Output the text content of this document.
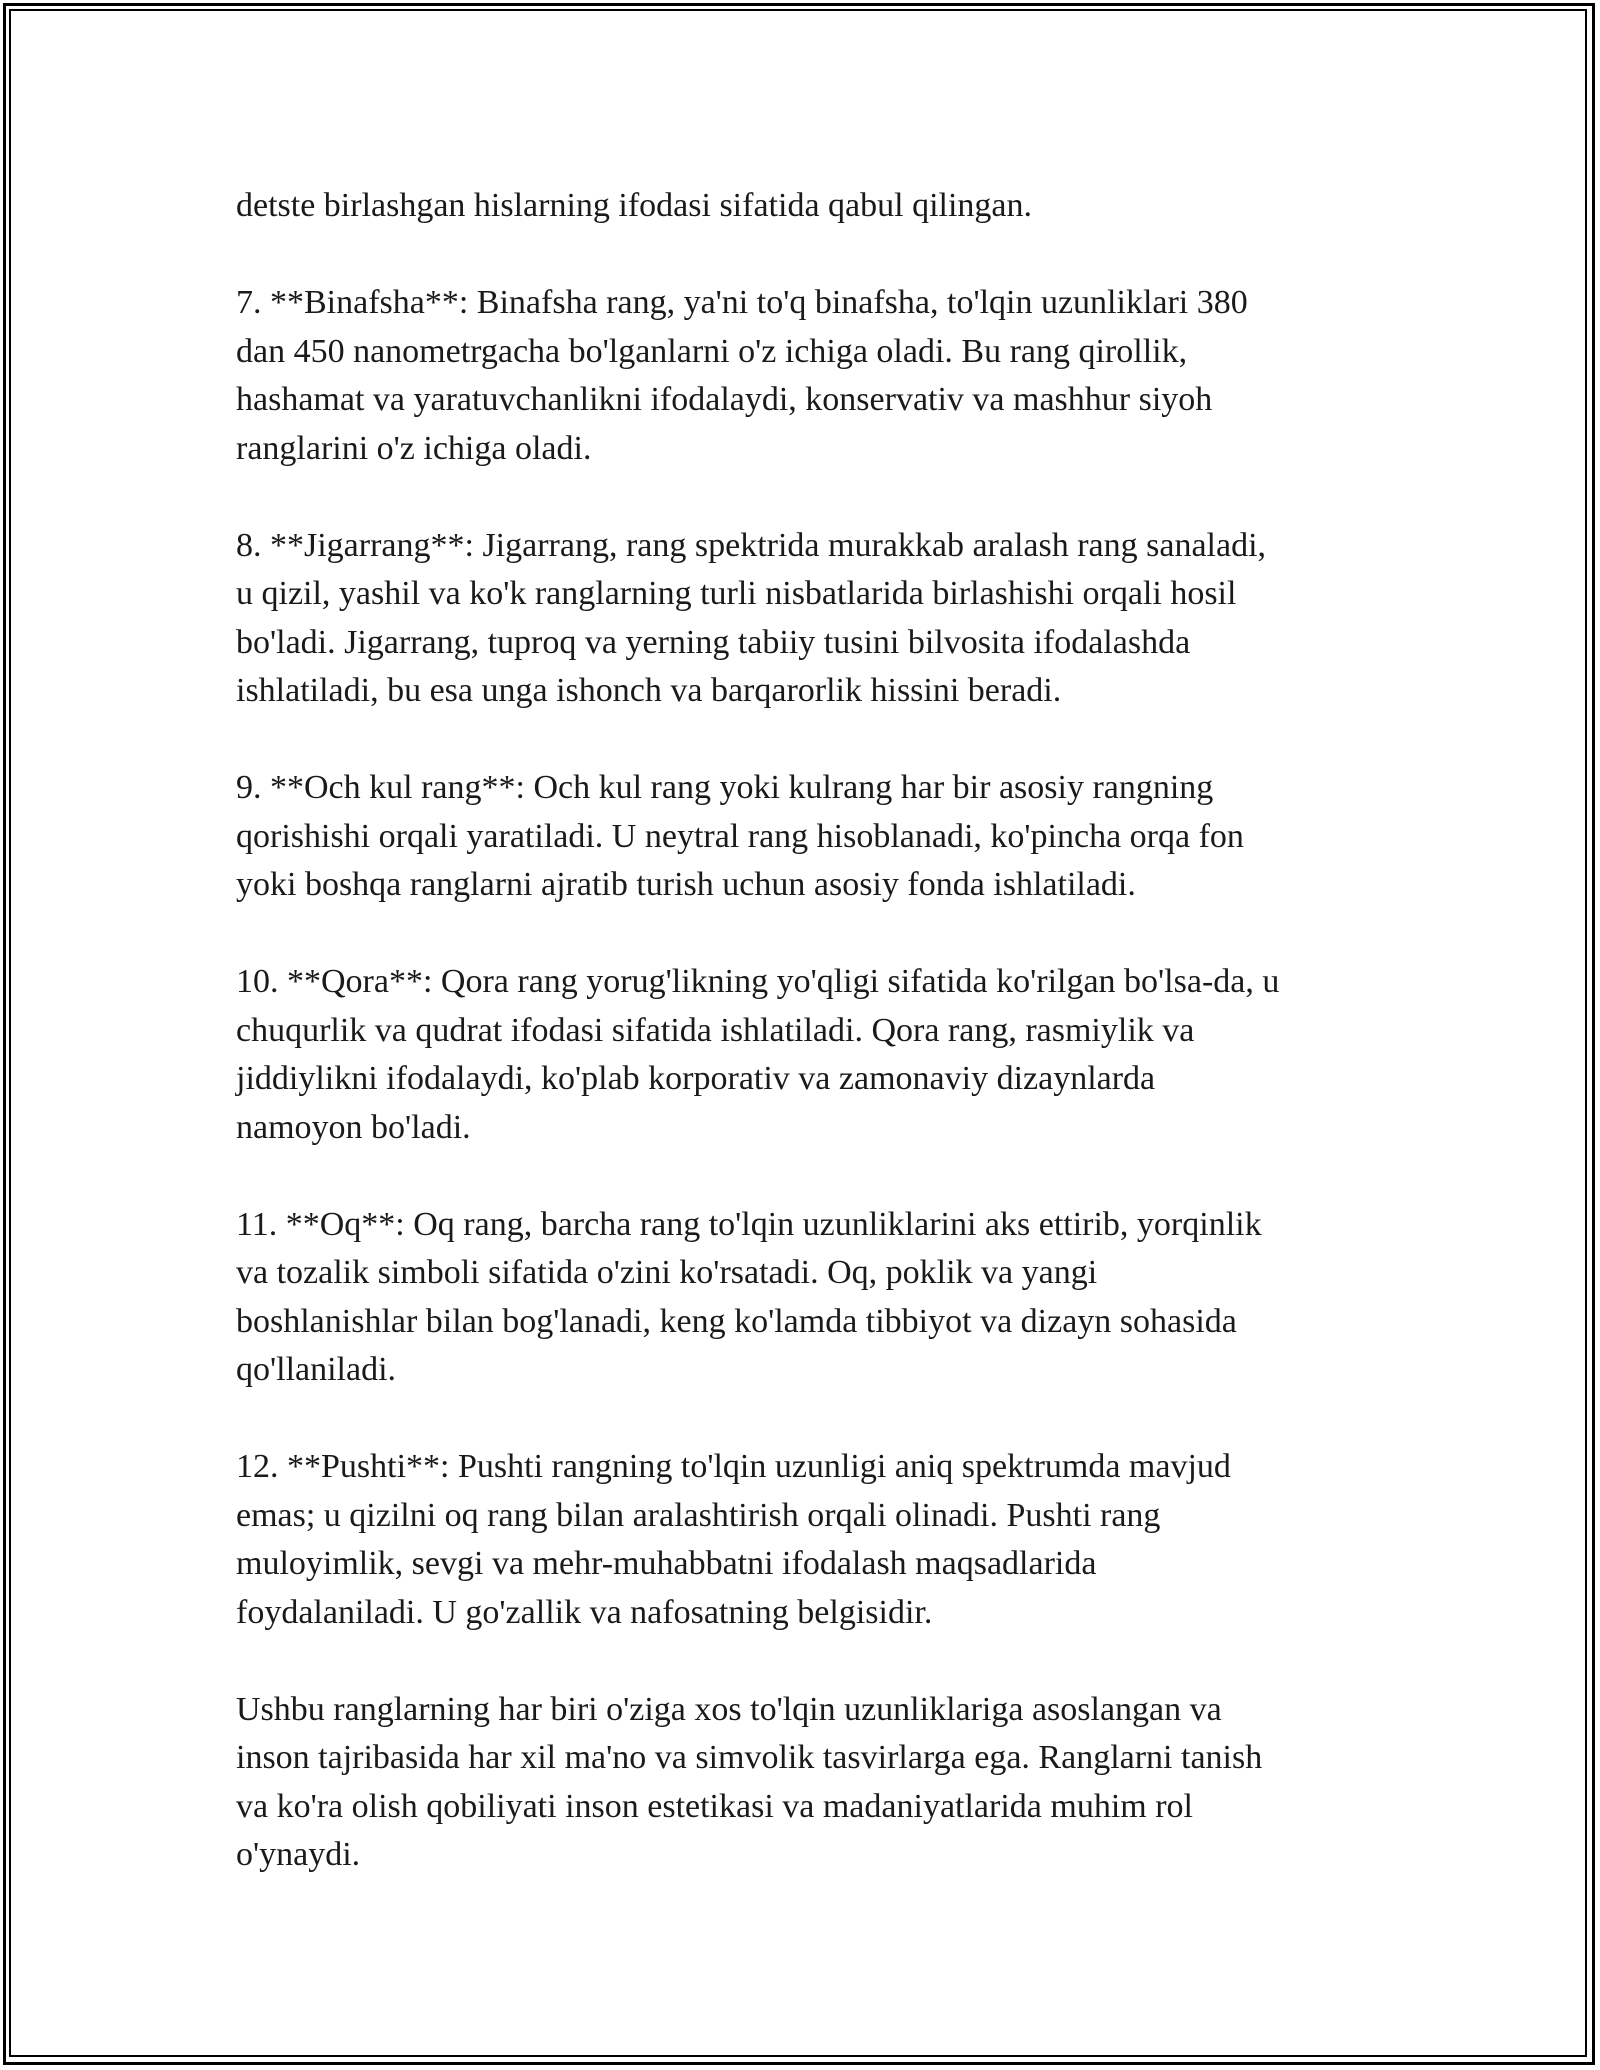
detste birlashgan hislarning ifodasi sifatida qabul qilingan.

7. **Binafsha**: Binafsha rang, ya'ni to'q binafsha, to'lqin uzunliklari 380
dan 450 nanometrgacha bo'lganlarni o'z ichiga oladi. Bu rang qirollik,
hashamat va yaratuvchanlikni ifodalaydi, konservativ va mashhur siyoh
ranglarini o'z ichiga oladi.

8. **Jigarrang**: Jigarrang, rang spektrida murakkab aralash rang sanaladi,
u qizil, yashil va ko'k ranglarning turli nisbatlarida birlashishi orqali hosil
bo'ladi. Jigarrang, tuproq va yerning tabiiy tusini bilvosita ifodalashda
ishlatiladi, bu esa unga ishonch va barqarorlik hissini beradi.

9. **Och kul rang**: Och kul rang yoki kulrang har bir asosiy rangning
qorishishi orqali yaratiladi. U neytral rang hisoblanadi, ko'pincha orqa fon
yoki boshqa ranglarni ajratib turish uchun asosiy fonda ishlatiladi.

10. **Qora**: Qora rang yorug'likning yo'qligi sifatida ko'rilgan bo'lsa-da, u
chuqurlik va qudrat ifodasi sifatida ishlatiladi. Qora rang, rasmiylik va
jiddiylikni ifodalaydi, ko'plab korporativ va zamonaviy dizaynlarda
namoyon bo'ladi.

11. **Oq**: Oq rang, barcha rang to'lqin uzunliklarini aks ettirib, yorqinlik
va tozalik simboli sifatida o'zini ko'rsatadi. Oq, poklik va yangi
boshlanishlar bilan bog'lanadi, keng ko'lamda tibbiyot va dizayn sohasida
qo'llaniladi.

12. **Pushti**: Pushti rangning to'lqin uzunligi aniq spektrumda mavjud
emas; u qizilni oq rang bilan aralashtirish orqali olinadi. Pushti rang
muloyimlik, sevgi va mehr-muhabbatni ifodalash maqsadlarida
foydalaniladi. U go'zallik va nafosatning belgisidir.

Ushbu ranglarning har biri o'ziga xos to'lqin uzunliklariga asoslangan va
inson tajribasida har xil ma'no va simvolik tasvirlarga ega. Ranglarni tanish
va ko'ra olish qobiliyati inson estetikasi va madaniyatlarida muhim rol
o'ynaydi.
